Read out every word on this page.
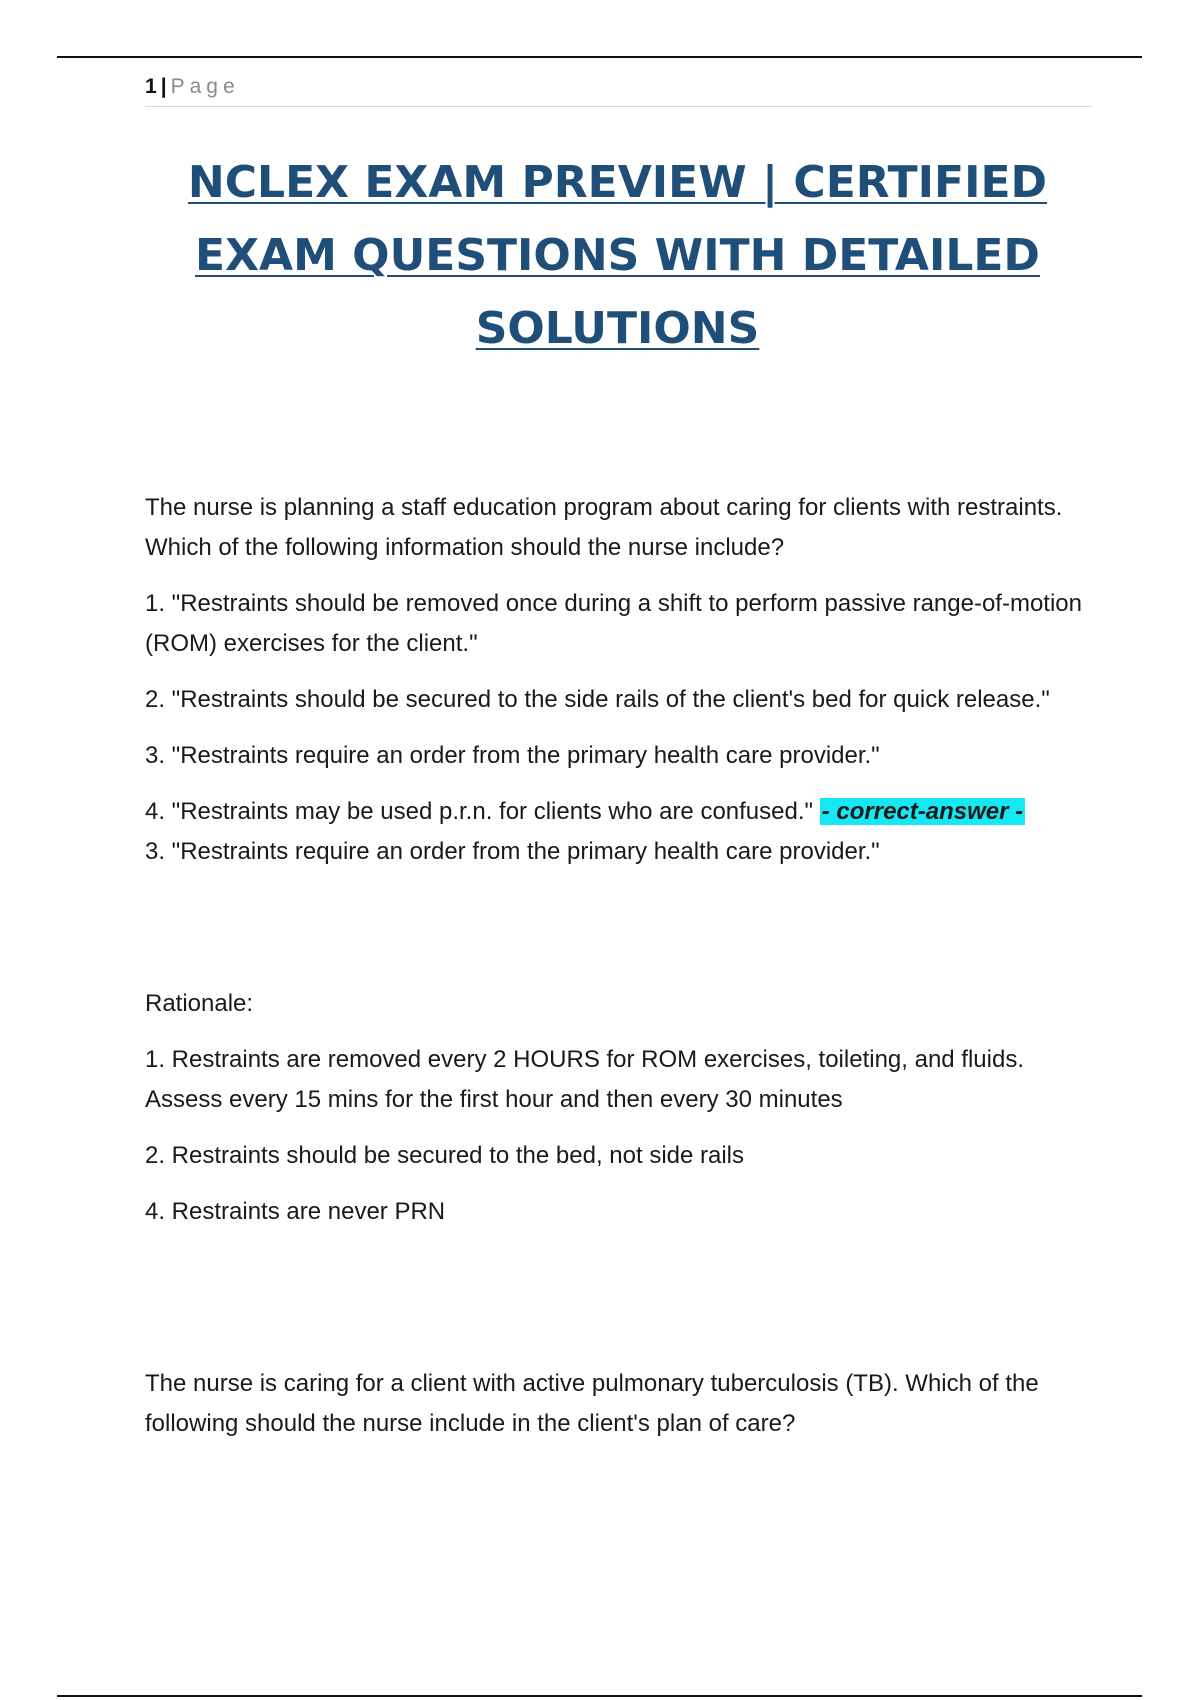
1 | Page
NCLEX EXAM PREVIEW | CERTIFIED EXAM QUESTIONS WITH DETAILED SOLUTIONS

The nurse is planning a staff education program about caring for clients with restraints. Which of the following information should the nurse include?

1. "Restraints should be removed once during a shift to perform passive range-of-motion (ROM) exercises for the client."

2. "Restraints should be secured to the side rails of the client's bed for quick release."

3. "Restraints require an order from the primary health care provider."

4. "Restraints may be used p.r.n. for clients who are confused." - correct-answer -

3. "Restraints require an order from the primary health care provider."

Rationale:

1. Restraints are removed every 2 HOURS for ROM exercises, toileting, and fluids. Assess every 15 mins for the first hour and then every 30 minutes

2. Restraints should be secured to the bed, not side rails

4. Restraints are never PRN

The nurse is caring for a client with active pulmonary tuberculosis (TB). Which of the following should the nurse include in the client's plan of care?
